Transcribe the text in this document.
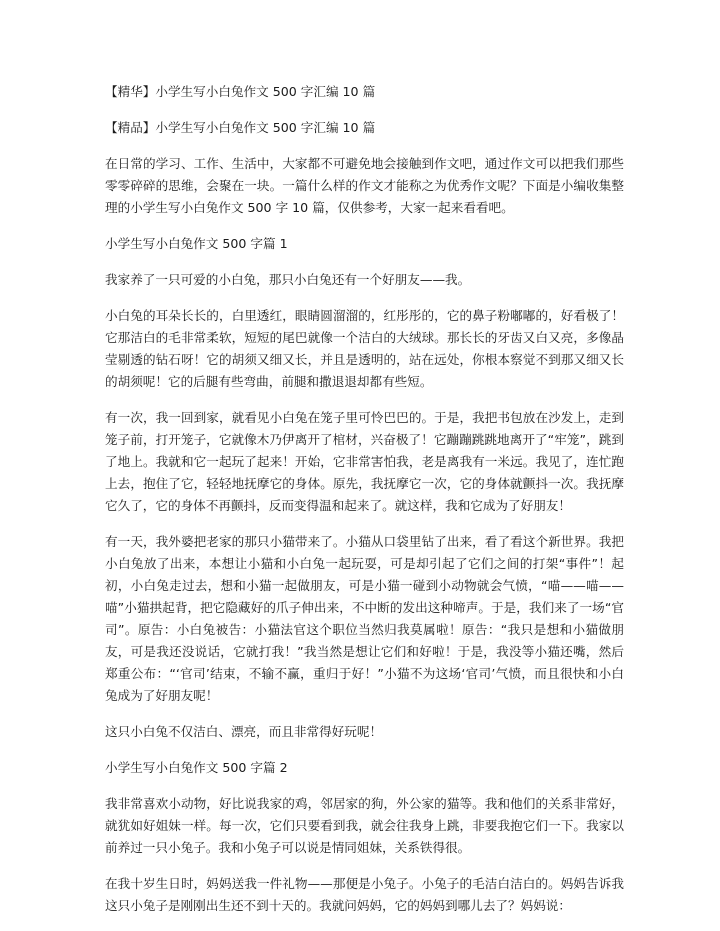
【精华】小学生写小白兔作文 500 字汇编 10 篇
【精品】小学生写小白兔作文 500 字汇编 10 篇
在日常的学习、工作、生活中，大家都不可避免地会接触到作文吧，通过作文可以把我们那些零零碎碎的思维，会聚在一块。一篇什么样的作文才能称之为优秀作文呢？下面是小编收集整理的小学生写小白兔作文 500 字 10 篇，仅供参考，大家一起来看看吧。
小学生写小白兔作文 500 字篇 1
我家养了一只可爱的小白兔，那只小白兔还有一个好朋友——我。
小白兔的耳朵长长的，白里透红，眼睛圆溜溜的，红彤彤的，它的鼻子粉嘟嘟的，好看极了！它那洁白的毛非常柔软，短短的尾巴就像一个洁白的大绒球。那长长的牙齿又白又亮，多像晶莹剔透的钻石呀！它的胡须又细又长，并且是透明的，站在远处，你根本察觉不到那又细又长的胡须呢！它的后腿有些弯曲，前腿和撒退退却都有些短。
有一次，我一回到家，就看见小白兔在笼子里可怜巴巴的。于是，我把书包放在沙发上，走到笼子前，打开笼子，它就像木乃伊离开了棺材，兴奋极了！它蹦蹦跳跳地离开了“牢笼”，跳到了地上。我就和它一起玩了起来！开始，它非常害怕我，老是离我有一米远。我见了，连忙跑上去，抱住了它，轻轻地抚摩它的身体。原先，我抚摩它一次，它的身体就颤抖一次。我抚摩它久了，它的身体不再颤抖，反而变得温和起来了。就这样，我和它成为了好朋友！
有一天，我外婆把老家的那只小猫带来了。小猫从口袋里钻了出来，看了看这个新世界。我把小白兔放了出来，本想让小猫和小白兔一起玩耍，可是却引起了它们之间的打架“事件”！起初，小白兔走过去，想和小猫一起做朋友，可是小猫一碰到小动物就会气愤，“喵——喵——喵”小猫拱起背，把它隐藏好的爪子伸出来，不中断的发出这种啼声。于是，我们来了一场“官司”。原告：小白兔被告：小猫法官这个职位当然归我莫属啦！原告：“我只是想和小猫做朋友，可是我还没说话，它就打我！”我当然是想让它们和好啦！于是，我没等小猫还嘴，然后郑重公布：“‘官司’结束，不输不赢，重归于好！”小猫不为这场‘官司’气愤，而且很快和小白兔成为了好朋友呢！
这只小白兔不仅洁白、漂亮，而且非常得好玩呢！
小学生写小白兔作文 500 字篇 2
我非常喜欢小动物，好比说我家的鸡，邻居家的狗，外公家的猫等。我和他们的关系非常好，就犹如好姐妹一样。每一次，它们只要看到我，就会往我身上跳，非要我抱它们一下。我家以前养过一只小兔子。我和小兔子可以说是情同姐妹，关系铁得很。
在我十岁生日时，妈妈送我一件礼物——那便是小兔子。小兔子的毛洁白洁白的。妈妈告诉我这只小兔子是刚刚出生还不到十天的。我就问妈妈，它的妈妈到哪儿去了？妈妈说：
